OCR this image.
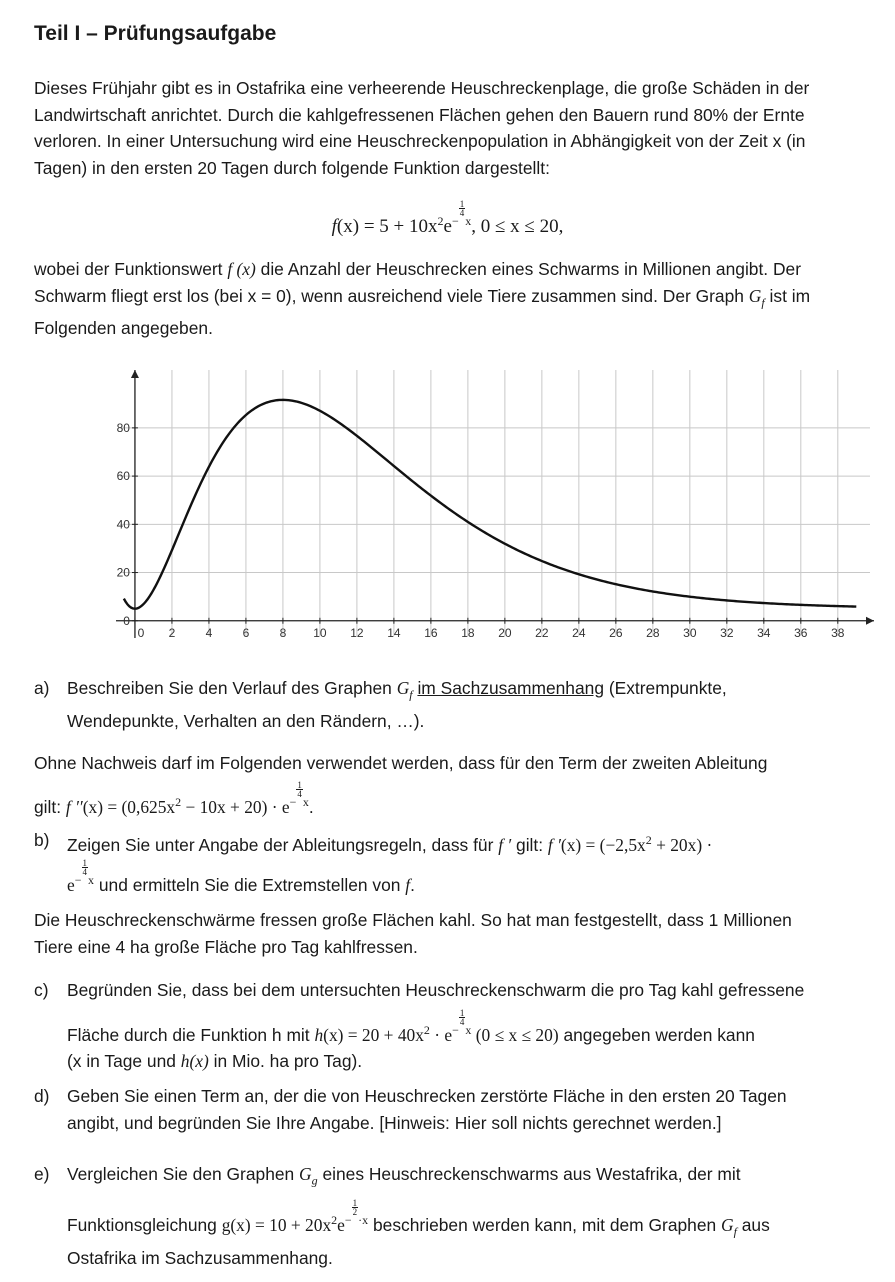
Teil I – Prüfungsaufgabe
Dieses Frühjahr gibt es in Ostafrika eine verheerende Heuschreckenplage, die große Schäden in der
Landwirtschaft anrichtet. Durch die kahlgefressenen Flächen gehen den Bauern rund 80% der Ernte
verloren. In einer Untersuchung wird eine Heuschreckenpopulation in Abhängigkeit von der Zeit x (in
Tagen) in den ersten 20 Tagen durch folgende Funktion dargestellt:
$f(x) = 5 + 10x^2e^{- \frac{1}{4} x}$, 0 ≤ x ≤ 20,
wobei der Funktionswert f (x) die Anzahl der Heuschrecken eines Schwarms in Millionen angibt. Der
Schwarm fliegt erst los (bei x = 0), wenn ausreichend viele Tiere zusammen sind. Der Graph $G_f$ ist im
Folgenden angegeben.
0 2	4	6	8 10 12 14 16 18 20 22 24 26 28 30 32 34 36 38
0
20
40
60
80
a) Beschreiben Sie den Verlauf des Graphen $G_f$ im Sachzusammenhang (Extrempunkte,
Wendepunkte, Verhalten an den Rändern, …).
Ohne Nachweis darf im Folgenden verwendet werden, dass für den Term der zweiten Ableitung
gilt: f $''(x) = (0,625x^2 - 10x + 20) \cdot e^{- \frac{1}{4} x}$.
b) Zeigen Sie unter Angabe der Ableitungsregeln, dass für f ′ gilt: f $'(x) = (-2,5x^2 + 20x)$ ·
$e^{- \frac{1}{4} x}$ und ermitteln Sie die Extremstellen von f.
Die Heuschreckenschwärme fressen große Flächen kahl. So hat man festgestellt, dass 1 Millionen
Tiere eine 4 ha große Fläche pro Tag kahlfressen.
c) Begründen Sie, dass bei dem untersuchten Heuschreckenschwarm die pro Tag kahl gefressene
Fläche durch die Funktion h mit $h(x) = 20 + 40x^2 \cdot e^{- \frac{1}{4} x}$ (0 ≤ x ≤ 20) angegeben werden kann
(x in Tage und h(x) in Mio. ha pro Tag).
d) Geben Sie einen Term an, der die von Heuschrecken zerstörte Fläche in den ersten 20 Tagen
angibt, und begründen Sie Ihre Angabe. [Hinweis: Hier soll nichts gerechnet werden.]
e) Vergleichen Sie den Graphen $G_g$ eines Heuschreckenschwarms aus Westafrika, der mit
Funktionsgleichung $g(x) = 10 + 20x^2e^{- \frac{1}{2} \cdot x}$ beschrieben werden kann, mit dem Graphen $G_f$ aus
Ostafrika im Sachzusammenhang.
